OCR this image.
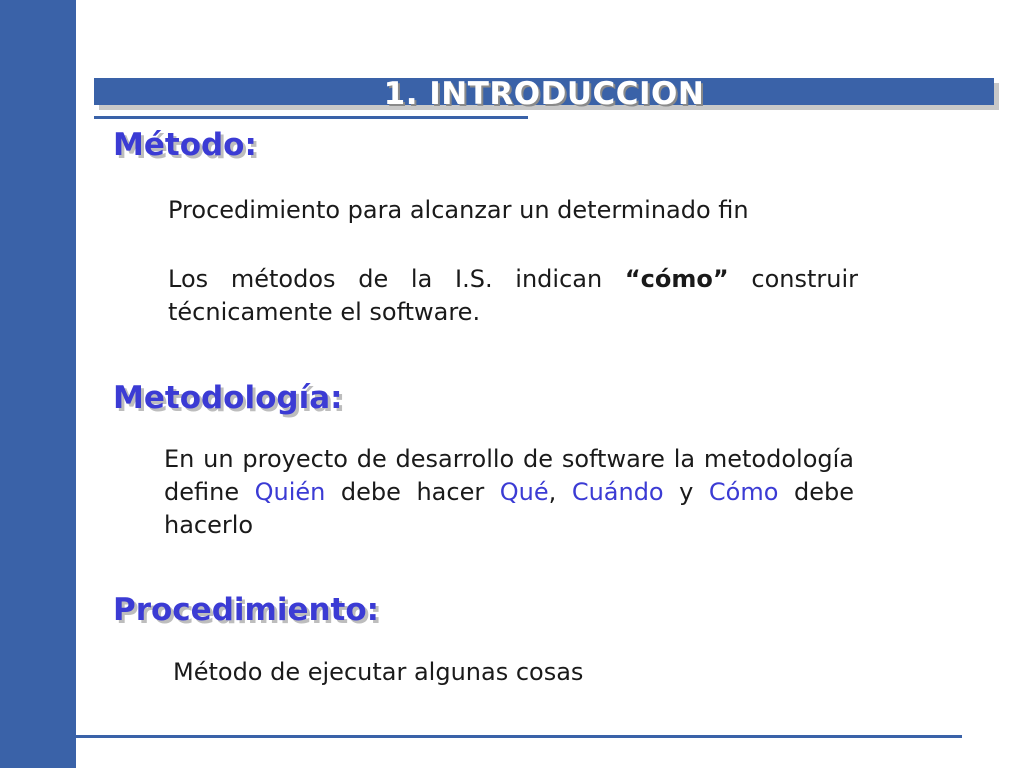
1. INTRODUCCION
Método:
Procedimiento para alcanzar un determinado fin
Los métodos de la I.S. indican “cómo” construir técnicamente el software.
Metodología:
En un proyecto de desarrollo de software la metodología define Quién debe hacer Qué, Cuándo y Cómo debe hacerlo
Procedimiento:
Método de ejecutar algunas cosas
